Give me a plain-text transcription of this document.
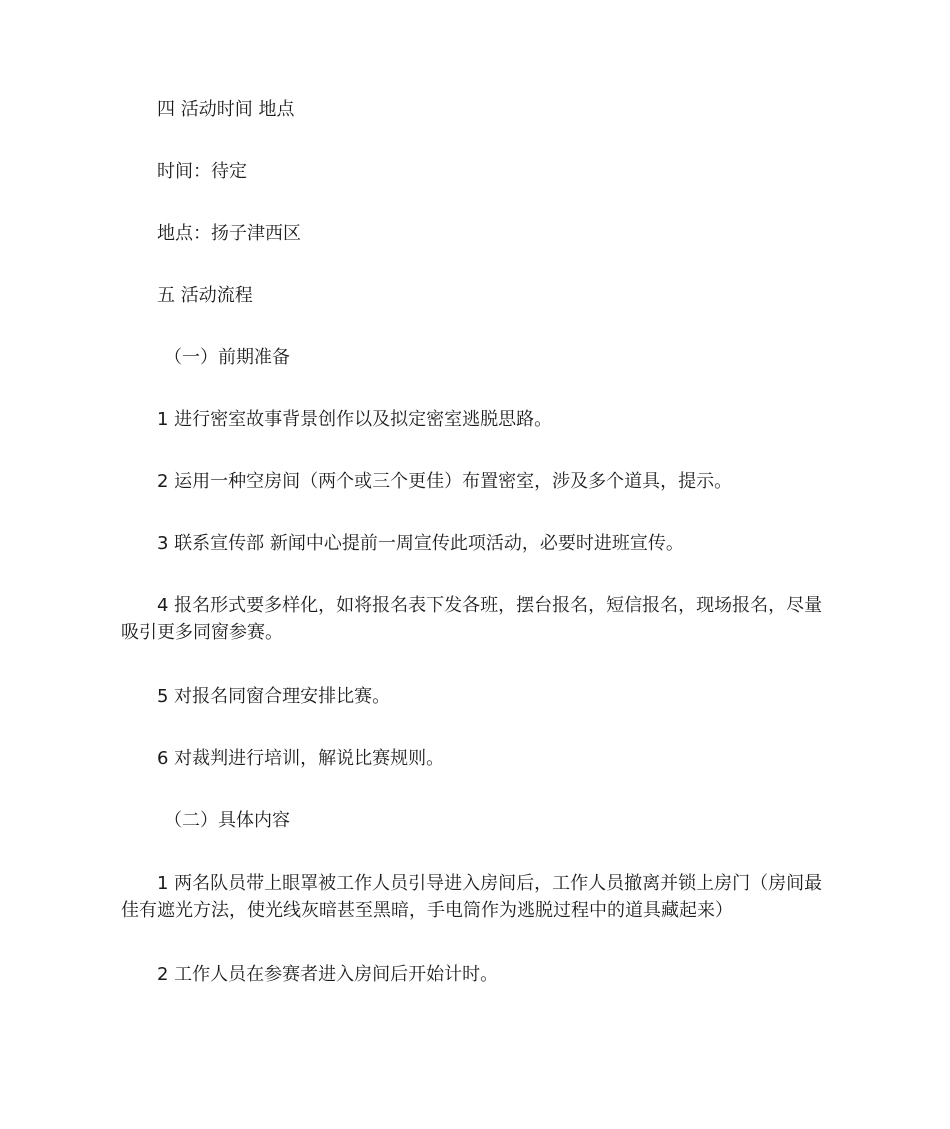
四 活动时间 地点

时间：待定

地点：扬子津西区

五 活动流程

（一）前期准备

1 进行密室故事背景创作以及拟定密室逃脱思路。

2 运用一种空房间（两个或三个更佳）布置密室，涉及多个道具，提示。

3 联系宣传部 新闻中心提前一周宣传此项活动，必要时进班宣传。

4 报名形式要多样化，如将报名表下发各班，摆台报名，短信报名，现场报名，尽量吸引更多同窗参赛。

5 对报名同窗合理安排比赛。

6 对裁判进行培训，解说比赛规则。

（二）具体内容

1 两名队员带上眼罩被工作人员引导进入房间后，工作人员撤离并锁上房门（房间最佳有遮光方法，使光线灰暗甚至黑暗，手电筒作为逃脱过程中的道具藏起来）

2 工作人员在参赛者进入房间后开始计时。
